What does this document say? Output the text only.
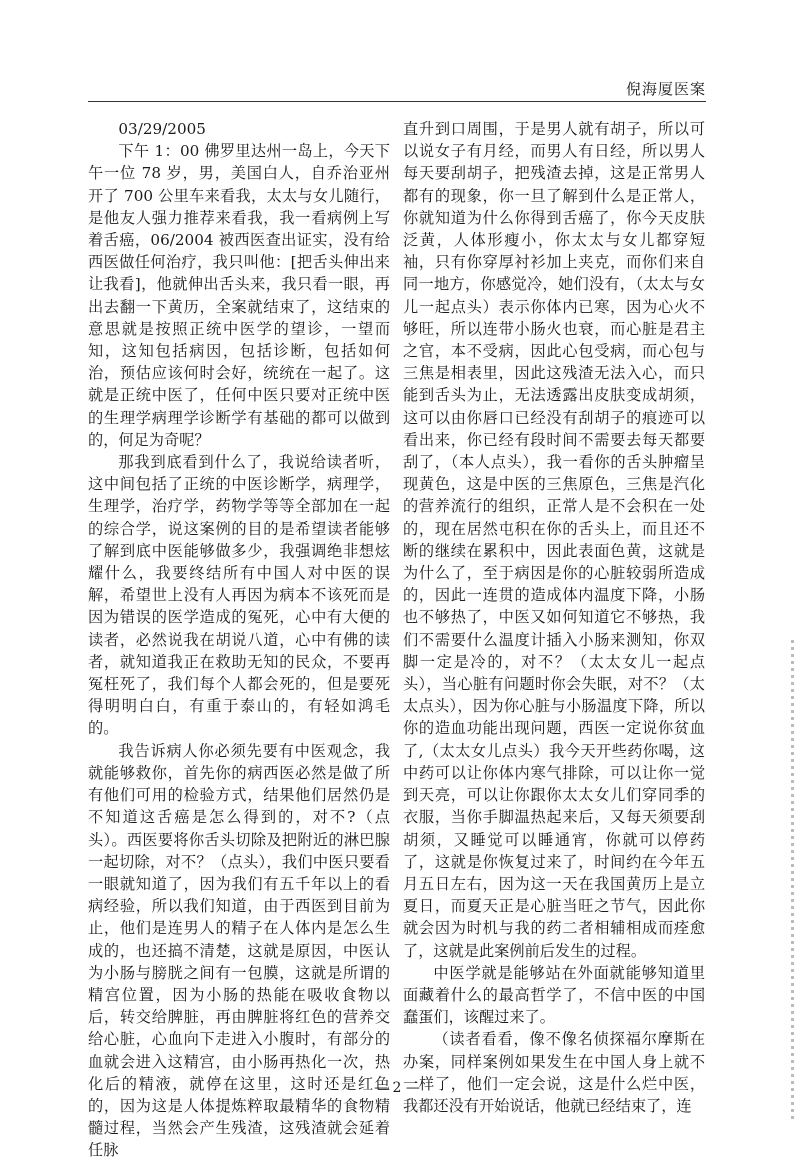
倪海厦医案

03/29/2005

下午 1：00 佛罗里达州一岛上，今天下午一位 78 岁，男，美国白人，自乔治亚州开了 700 公里车来看我，太太与女儿随行，是他友人强力推荐来看我，我一看病例上写着舌癌，06/2004 被西医查出证实，没有给西医做任何治疗，我只叫他：[把舌头伸出来让我看]，他就伸出舌头来，我只看一眼，再出去翻一下黄历，全案就结束了，这结束的意思就是按照正统中医学的望诊，一望而知，这知包括病因，包括诊断，包括如何治，预估应该何时会好，统统在一起了。这就是正统中医了，任何中医只要对正统中医的生理学病理学诊断学有基础的都可以做到的，何足为奇呢？

那我到底看到什么了，我说给读者听，这中间包括了正统的中医诊断学，病理学，生理学，治疗学，药物学等等全部加在一起的综合学，说这案例的目的是希望读者能够了解到底中医能够做多少，我强调绝非想炫耀什么，我要终结所有中国人对中医的误解，希望世上没有人再因为病本不该死而是因为错误的医学造成的冤死，心中有大便的读者，必然说我在胡说八道，心中有佛的读者，就知道我正在救助无知的民众，不要再冤枉死了，我们每个人都会死的，但是要死得明明白白，有重于泰山的，有轻如鸿毛的。

我告诉病人你必须先要有中医观念，我就能够救你，首先你的病西医必然是做了所有他们可用的检验方式，结果他们居然仍是不知道这舌癌是怎么得到的，对不?（点头）。西医要将你舌头切除及把附近的淋巴腺一起切除，对不？（点头），我们中医只要看一眼就知道了，因为我们有五千年以上的看病经验，所以我们知道，由于西医到目前为止，他们是连男人的精子在人体内是怎么生成的，也还搞不清楚，这就是原因，中医认为小肠与膀胱之间有一包膜，这就是所谓的精宫位置，因为小肠的热能在吸收食物以后，转交给脾脏，再由脾脏将红色的营养交给心脏，心血向下走进入小腹时，有部分的血就会进入这精宫，由小肠再热化一次，热化后的精液，就停在这里，这时还是红色的，因为这是人体提炼粹取最精华的食物精髓过程，当然会产生残渣，这残渣就会延着任脉

直升到口周围，于是男人就有胡子，所以可以说女子有月经，而男人有日经，所以男人每天要刮胡子，把残渣去掉，这是正常男人都有的现象，你一旦了解到什么是正常人，你就知道为什么你得到舌癌了，你今天皮肤泛黄，人体形瘦小，你太太与女儿都穿短袖，只有你穿厚衬衫加上夹克，而你们来自同一地方，你感觉冷，她们没有，（太太与女儿一起点头）表示你体内已寒，因为心火不够旺，所以连带小肠火也衰，而心脏是君主之官，本不受病，因此心包受病，而心包与三焦是相表里，因此这残渣无法入心，而只能到舌头为止，无法透露出皮肤变成胡须，这可以由你唇口已经没有刮胡子的痕迹可以看出来，你已经有段时间不需要去每天都要刮了，（本人点头），我一看你的舌头肿瘤呈现黄色，这是中医的三焦原色，三焦是汽化的营养流行的组织，正常人是不会积在一处的，现在居然屯积在你的舌头上，而且还不断的继续在累积中，因此表面色黄，这就是为什么了，至于病因是你的心脏较弱所造成的，因此一连贯的造成体内温度下降，小肠也不够热了，中医又如何知道它不够热，我们不需要什么温度计插入小肠来测知，你双脚一定是冷的，对不？（太太女儿一起点头），当心脏有问题时你会失眠，对不？（太太点头），因为你心脏与小肠温度下降，所以你的造血功能出现问题，西医一定说你贫血了,（太太女儿点头）我今天开些药你喝，这中药可以让你体内寒气排除，可以让你一觉到天亮，可以让你跟你太太女儿们穿同季的衣服，当你手脚温热起来后，又每天须要刮胡须，又睡觉可以睡通宵，你就可以停药了，这就是你恢复过来了，时间约在今年五月五日左右，因为这一天在我国黄历上是立夏日，而夏天正是心脏当旺之节气，因此你就会因为时机与我的药二者相辅相成而痊愈了，这就是此案例前后发生的过程。

中医学就是能够站在外面就能够知道里面藏着什么的最高哲学了，不信中医的中国蠢蛋们，该醒过来了。

（读者看看，像不像名侦探福尔摩斯在办案，同样案例如果发生在中国人身上就不一样了，他们一定会说，这是什么烂中医，我都还没有开始说话，他就已经结束了，连

— 2 —
